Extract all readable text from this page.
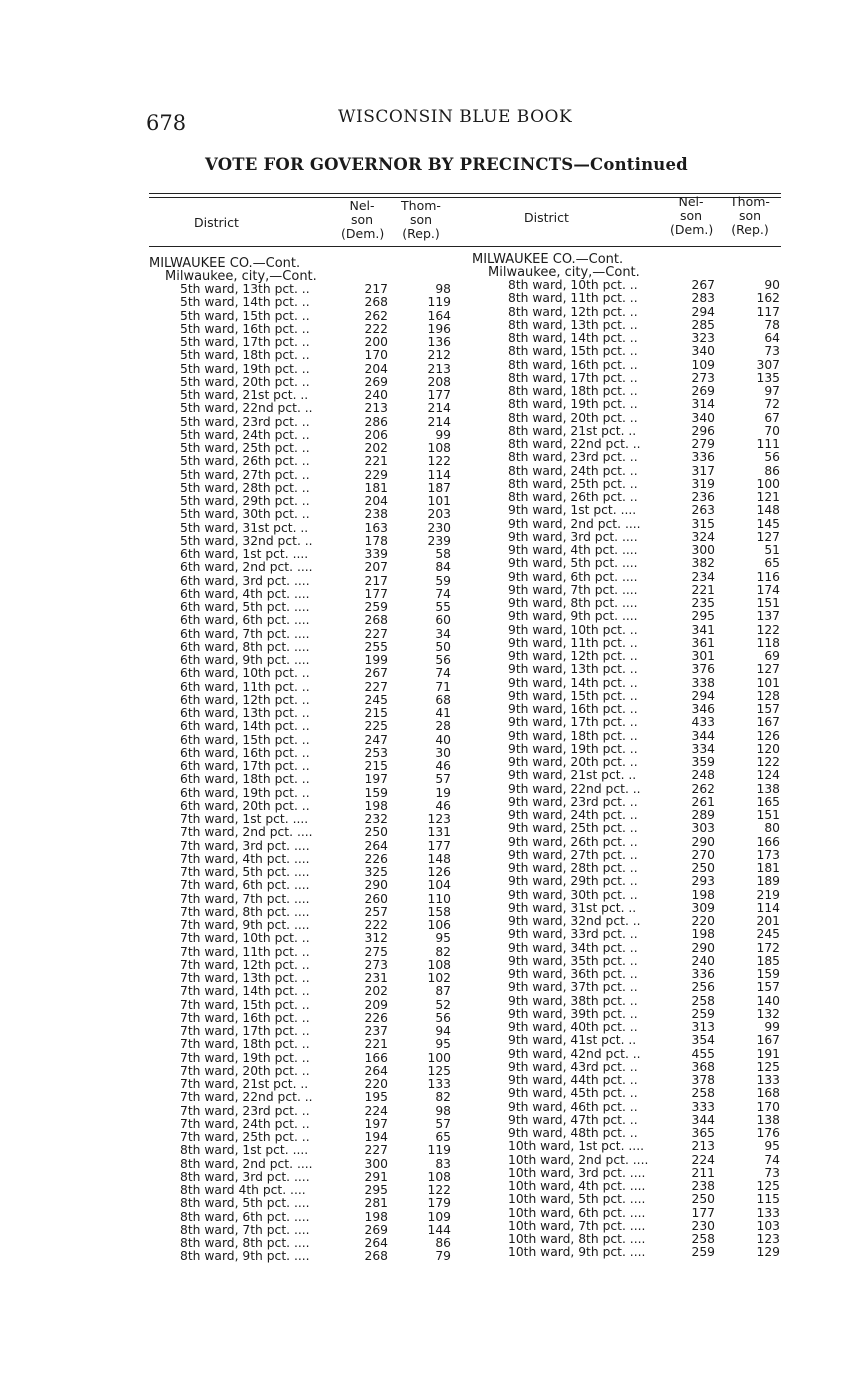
678	WISCONSIN BLUE BOOK
VOTE FOR GOVERNOR BY PRECINCTS—Continued
District
Nel-
son
(Dem.)
Thom-
son
(Rep.)
MILWAUKEE CO.—Cont.
Milwaukee, city,—Cont.
5th ward, 13th pct. ..	217	98
5th ward, 14th pct. ..	268	119
5th ward, 15th pct. ..	262	164
5th ward, 16th pct. ..	222	196
5th ward, 17th pct. ..	200	136
5th ward, 18th pct. ..	170	212
5th ward, 19th pct. ..	204	213
5th ward, 20th pct. ..	269	208
5th ward, 21st pct. ..	240	177
5th ward, 22nd pct. ..	213	214
5th ward, 23rd pct. ..	286	214
5th ward, 24th pct. ..	206	99
5th ward, 25th pct. ..	202	108
5th ward, 26th pct. ..	221	122
5th ward, 27th pct. ..	229	114
5th ward, 28th pct. ..	181	187
5th ward, 29th pct. ..	204	101
5th ward, 30th pct. ..	238	203
5th ward, 31st pct. ..	163	230
5th ward, 32nd pct. ..	178	239
6th ward, 1st pct. ....	339	58
6th ward, 2nd pct. ....	207	84
6th ward, 3rd pct. ....	217	59
6th ward, 4th pct. ....	177	74
6th ward, 5th pct. ....	259	55
6th ward, 6th pct. ....	268	60
6th ward, 7th pct. ....	227	34
6th ward, 8th pct. ....	255	50
6th ward, 9th pct. ....	199	56
6th ward, 10th pct. ..	267	74
6th ward, 11th pct. ..	227	71
6th ward, 12th pct. ..	245	68
6th ward, 13th pct. ..	215	41
6th ward, 14th pct. ..	225	28
6th ward, 15th pct. ..	247	40
6th ward, 16th pct. ..	253	30
6th ward, 17th pct. ..	215	46
6th ward, 18th pct. ..	197	57
6th ward, 19th pct. ..	159	19
6th ward, 20th pct. ..	198	46
7th ward, 1st pct. ....	232	123
7th ward, 2nd pct. ....	250	131
7th ward, 3rd pct. ....	264	177
7th ward, 4th pct. ....	226	148
7th ward, 5th pct. ....	325	126
7th ward, 6th pct. ....	290	104
7th ward, 7th pct. ....	260	110
7th ward, 8th pct. ....	257	158
7th ward, 9th pct. ....	222	106
7th ward, 10th pct. ..	312	95
7th ward, 11th pct. ..	275	82
7th ward, 12th pct. ..	273	108
7th ward, 13th pct. ..	231	102
7th ward, 14th pct. ..	202	87
7th ward, 15th pct. ..	209	52
7th ward, 16th pct. ..	226	56
7th ward, 17th pct. ..	237	94
7th ward, 18th pct. ..	221	95
7th ward, 19th pct. ..	166	100
7th ward, 20th pct. ..	264	125
7th ward, 21st pct. ..	220	133
7th ward, 22nd pct. ..	195	82
7th ward, 23rd pct. ..	224	98
7th ward, 24th pct. ..	197	57
7th ward, 25th pct. ..	194	65
8th ward, 1st pct. ....	227	119
8th ward, 2nd pct. ....	300	83
8th ward, 3rd pct. ....	291	108
8th ward 4th pct. ....	295	122
8th ward, 5th pct. ....	281	179
8th ward, 6th pct. ....	198	109
8th ward, 7th pct. ....	269	144
8th ward, 8th pct. ....	264	86
8th ward, 9th pct. ....	268	79
District
Nel-
son
(Dem.)
Thom-
son
(Rep.)
MILWAUKEE CO.—Cont.
Milwaukee, city,—Cont.
8th ward, 10th pct. ..	267	90
8th ward, 11th pct. ..	283	162
8th ward, 12th pct. ..	294	117
8th ward, 13th pct. ..	285	78
8th ward, 14th pct. ..	323	64
8th ward, 15th pct. ..	340	73
8th ward, 16th pct. ..	109	307
8th ward, 17th pct. ..	273	135
8th ward, 18th pct. ..	269	97
8th ward, 19th pct. ..	314	72
8th ward, 20th pct. ..	340	67
8th ward, 21st pct. ..	296	70
8th ward, 22nd pct. ..	279	111
8th ward, 23rd pct. ..	336	56
8th ward, 24th pct. ..	317	86
8th ward, 25th pct. ..	319	100
8th ward, 26th pct. ..	236	121
9th ward, 1st pct. ....	263	148
9th ward, 2nd pct. ....	315	145
9th ward, 3rd pct. ....	324	127
9th ward, 4th pct. ....	300	51
9th ward, 5th pct. ....	382	65
9th ward, 6th pct. ....	234	116
9th ward, 7th pct. ....	221	174
9th ward, 8th pct. ....	235	151
9th ward, 9th pct. ....	295	137
9th ward, 10th pct. ..	341	122
9th ward, 11th pct. ..	361	118
9th ward, 12th pct. ..	301	69
9th ward, 13th pct. ..	376	127
9th ward, 14th pct. ..	338	101
9th ward, 15th pct. ..	294	128
9th ward, 16th pct. ..	346	157
9th ward, 17th pct. ..	433	167
9th ward, 18th pct. ..	344	126
9th ward, 19th pct. ..	334	120
9th ward, 20th pct. ..	359	122
9th ward, 21st pct. ..	248	124
9th ward, 22nd pct. ..	262	138
9th ward, 23rd pct. ..	261	165
9th ward, 24th pct. ..	289	151
9th ward, 25th pct. ..	303	80
9th ward, 26th pct. ..	290	166
9th ward, 27th pct. ..	270	173
9th ward, 28th pct. ..	250	181
9th ward, 29th pct. ..	293	189
9th ward, 30th pct. ..	198	219
9th ward, 31st pct. ..	309	114
9th ward, 32nd pct. ..	220	201
9th ward, 33rd pct. ..	198	245
9th ward, 34th pct. ..	290	172
9th ward, 35th pct. ..	240	185
9th ward, 36th pct. ..	336	159
9th ward, 37th pct. ..	256	157
9th ward, 38th pct. ..	258	140
9th ward, 39th pct. ..	259	132
9th ward, 40th pct. ..	313	99
9th ward, 41st pct. ..	354	167
9th ward, 42nd pct. ..	455	191
9th ward, 43rd pct. ..	368	125
9th ward, 44th pct. ..	378	133
9th ward, 45th pct. ..	258	168
9th ward, 46th pct. ..	333	170
9th ward, 47th pct. ..	344	138
9th ward, 48th pct. ..	365	176
10th ward, 1st pct. ....	213	95
10th ward, 2nd pct. ....	224	74
10th ward, 3rd pct. ....	211	73
10th ward, 4th pct. ....	238	125
10th ward, 5th pct. ....	250	115
10th ward, 6th pct. ....	177	133
10th ward, 7th pct. ....	230	103
10th ward, 8th pct. ....	258	123
10th ward, 9th pct. ....	259	129
